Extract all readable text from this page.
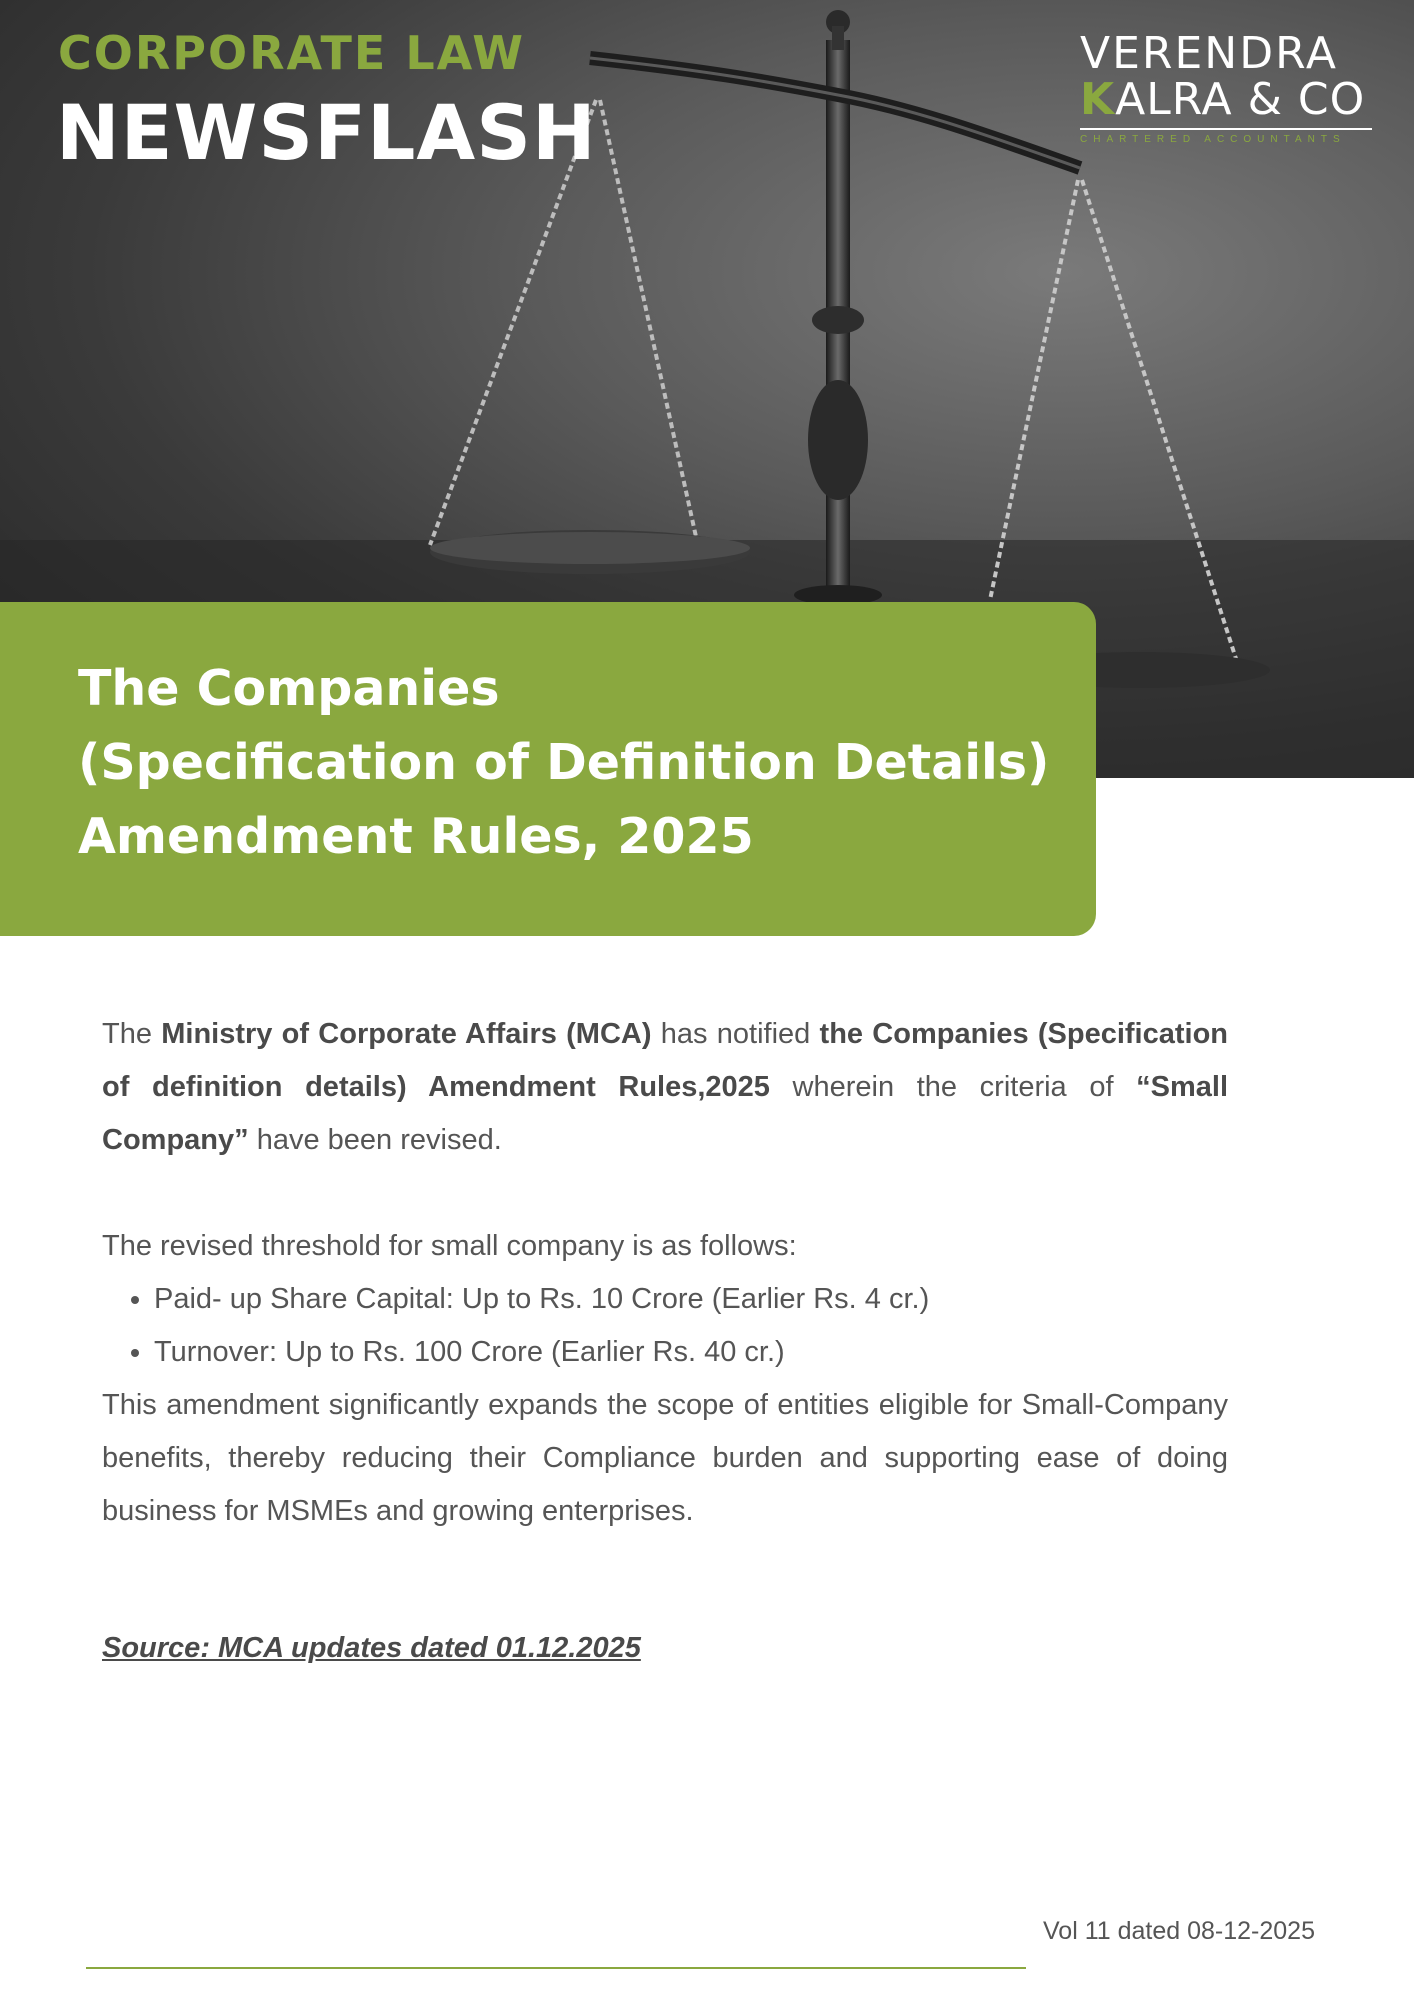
CORPORATE LAW
NEWSFLASH
VERENDRA
KALRA & CO
CHARTERED ACCOUNTANTS
The Companies
(Specification of Definition Details)
Amendment Rules, 2025

The Ministry of Corporate Affairs (MCA) has notified the Companies (Specification of definition details) Amendment Rules,2025 wherein the criteria of “Small Company” have been revised.

The revised threshold for small company is as follows:

• Paid- up Share Capital: Up to Rs. 10 Crore (Earlier Rs. 4 cr.)
• Turnover: Up to Rs. 100 Crore (Earlier Rs. 40 cr.)

This amendment significantly expands the scope of entities eligible for Small-Company benefits, thereby reducing their Compliance burden and supporting ease of doing business for MSMEs and growing enterprises.

Source: MCA updates dated 01.12.2025
Vol 11 dated 08-12-2025
